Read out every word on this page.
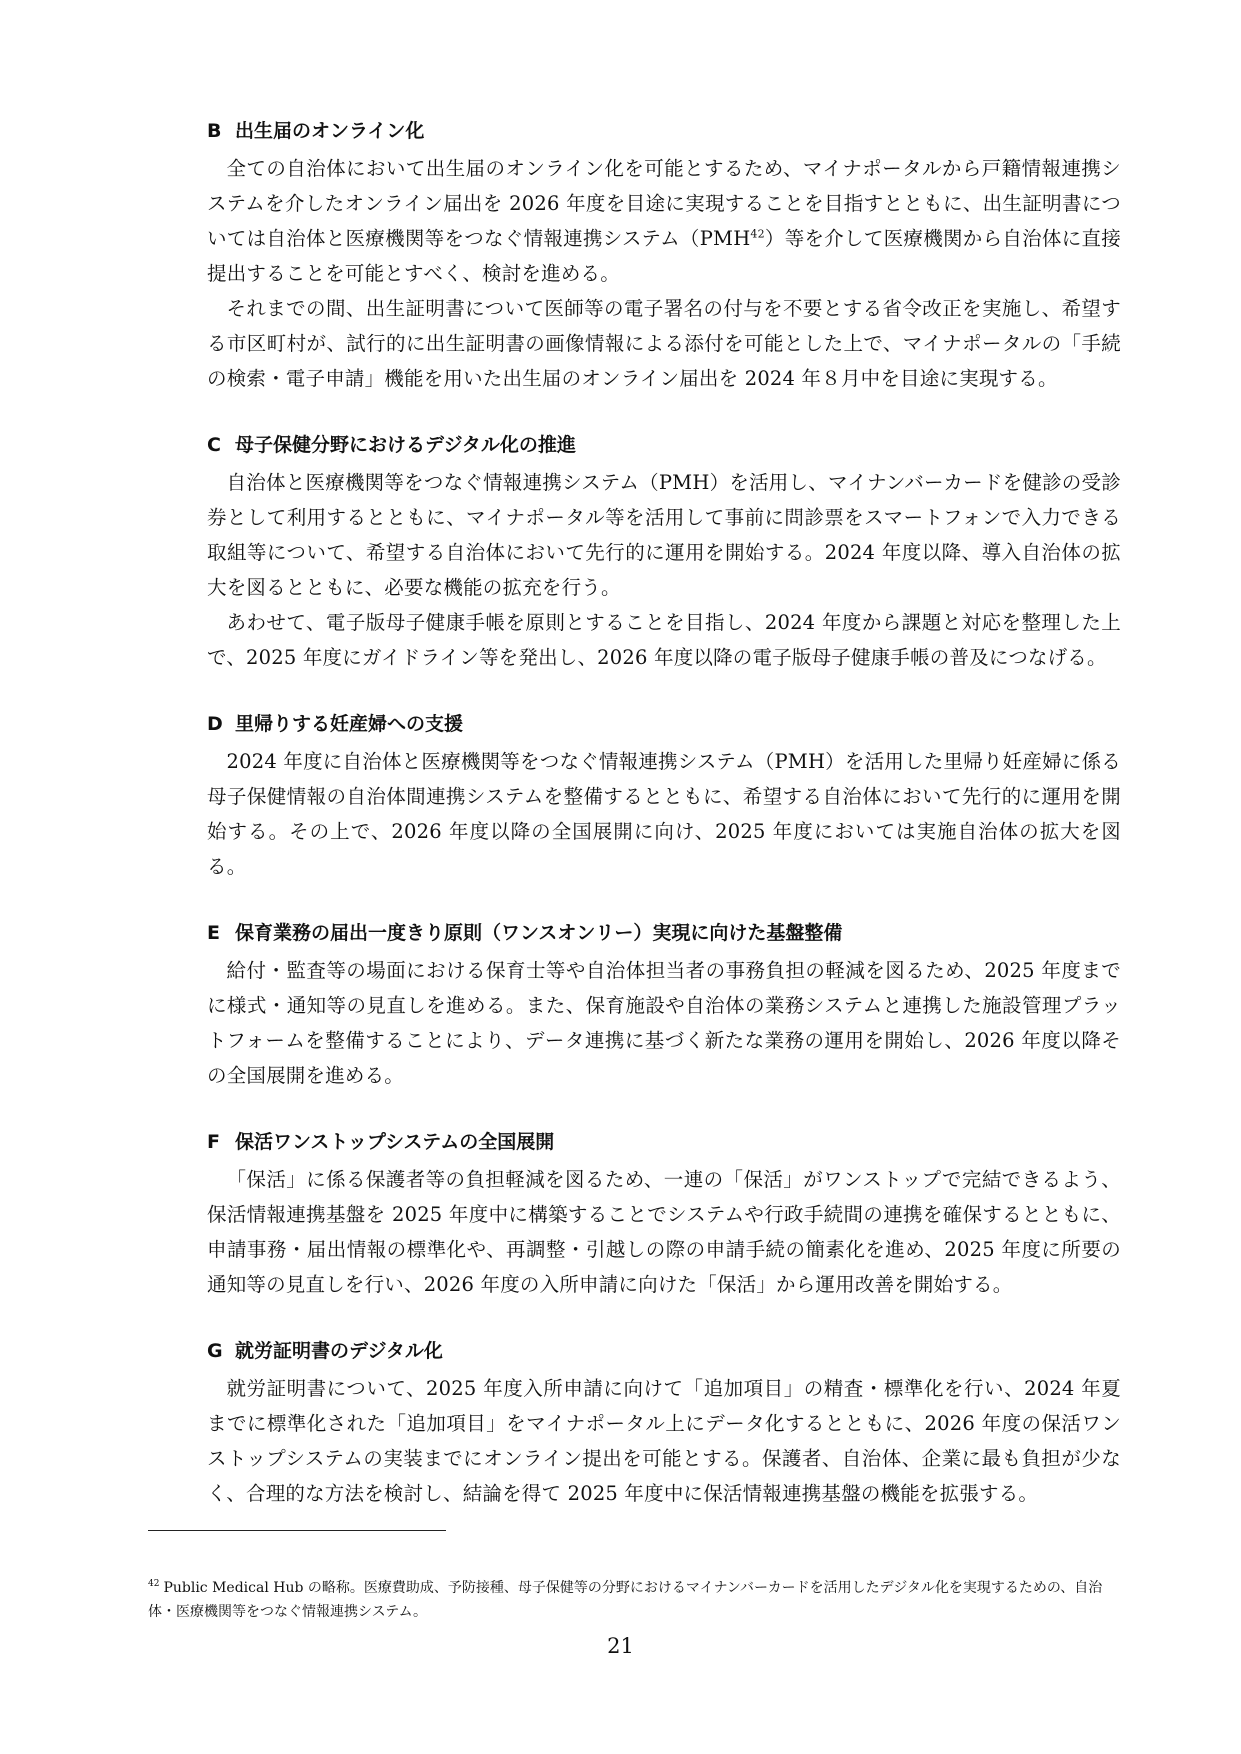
B 出生届のオンライン化

全ての自治体において出生届のオンライン化を可能とするため、マイナポータルから戸籍情報連携システムを介したオンライン届出を 2026 年度を目途に実現することを目指すとともに、出生証明書については自治体と医療機関等をつなぐ情報連携システム（PMH$^{42}$）等を介して医療機関から自治体に直接提出することを可能とすべく、検討を進める。

それまでの間、出生証明書について医師等の電子署名の付与を不要とする省令改正を実施し、希望する市区町村が、試行的に出生証明書の画像情報による添付を可能とした上で、マイナポータルの「手続の検索・電子申請」機能を用いた出生届のオンライン届出を 2024 年８月中を目途に実現する。

C 母子保健分野におけるデジタル化の推進

自治体と医療機関等をつなぐ情報連携システム（PMH）を活用し、マイナンバーカードを健診の受診券として利用するとともに、マイナポータル等を活用して事前に問診票をスマートフォンで入力できる取組等について、希望する自治体において先行的に運用を開始する。2024 年度以降、導入自治体の拡大を図るとともに、必要な機能の拡充を行う。

あわせて、電子版母子健康手帳を原則とすることを目指し、2024 年度から課題と対応を整理した上で、2025 年度にガイドライン等を発出し、2026 年度以降の電子版母子健康手帳の普及につなげる。

D 里帰りする妊産婦への支援

2024 年度に自治体と医療機関等をつなぐ情報連携システム（PMH）を活用した里帰り妊産婦に係る母子保健情報の自治体間連携システムを整備するとともに、希望する自治体において先行的に運用を開始する。その上で、2026 年度以降の全国展開に向け、2025 年度においては実施自治体の拡大を図る。

E 保育業務の届出一度きり原則（ワンスオンリー）実現に向けた基盤整備

給付・監査等の場面における保育士等や自治体担当者の事務負担の軽減を図るため、2025 年度までに様式・通知等の見直しを進める。また、保育施設や自治体の業務システムと連携した施設管理プラットフォームを整備することにより、データ連携に基づく新たな業務の運用を開始し、2026 年度以降その全国展開を進める。

F 保活ワンストップシステムの全国展開

「保活」に係る保護者等の負担軽減を図るため、一連の「保活」がワンストップで完結できるよう、保活情報連携基盤を 2025 年度中に構築することでシステムや行政手続間の連携を確保するとともに、申請事務・届出情報の標準化や、再調整・引越しの際の申請手続の簡素化を進め、2025 年度に所要の通知等の見直しを行い、2026 年度の入所申請に向けた「保活」から運用改善を開始する。

G 就労証明書のデジタル化

就労証明書について、2025 年度入所申請に向けて「追加項目」の精査・標準化を行い、2024 年夏までに標準化された「追加項目」をマイナポータル上にデータ化するとともに、2026 年度の保活ワンストップシステムの実装までにオンライン提出を可能とする。保護者、自治体、企業に最も負担が少なく、合理的な方法を検討し、結論を得て 2025 年度中に保活情報連携基盤の機能を拡張する。

$^{42}$ Public Medical Hub の略称。医療費助成、予防接種、母子保健等の分野におけるマイナンバーカードを活用したデジタル化を実現するための、自治体・医療機関等をつなぐ情報連携システム。
21
